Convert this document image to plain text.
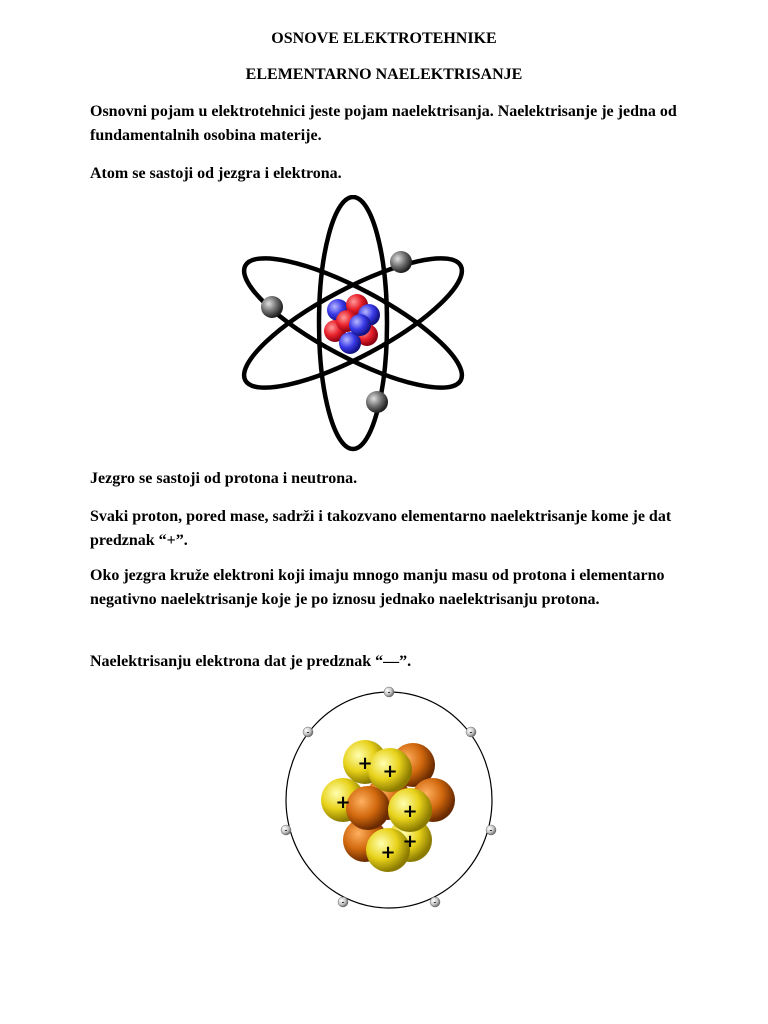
OSNOVE ELEKTROTEHNIKE
ELEMENTARNO NAELEKTRISANJE

Osnovni pojam u elektrotehnici jeste pojam naelektrisanja. Naelektrisanje je jedna od fundamentalnih osobina materije.

Atom se sastoji od jezgra i elektrona.

Jezgro se sastoji od protona i neutrona.

Svaki proton, pored mase, sadrži i takozvano elementarno naelektrisanje kome je dat predznak “+”.

Oko jezgra kruže elektroni koji imaju mnogo manju masu od protona i elementarno negativno naelektrisanje koje je po iznosu jednako naelektrisanju protona.

Naelektrisanju elektrona dat je predznak “—”.

+ +
+	+
+
+
-
-	-
-	-
-	-
